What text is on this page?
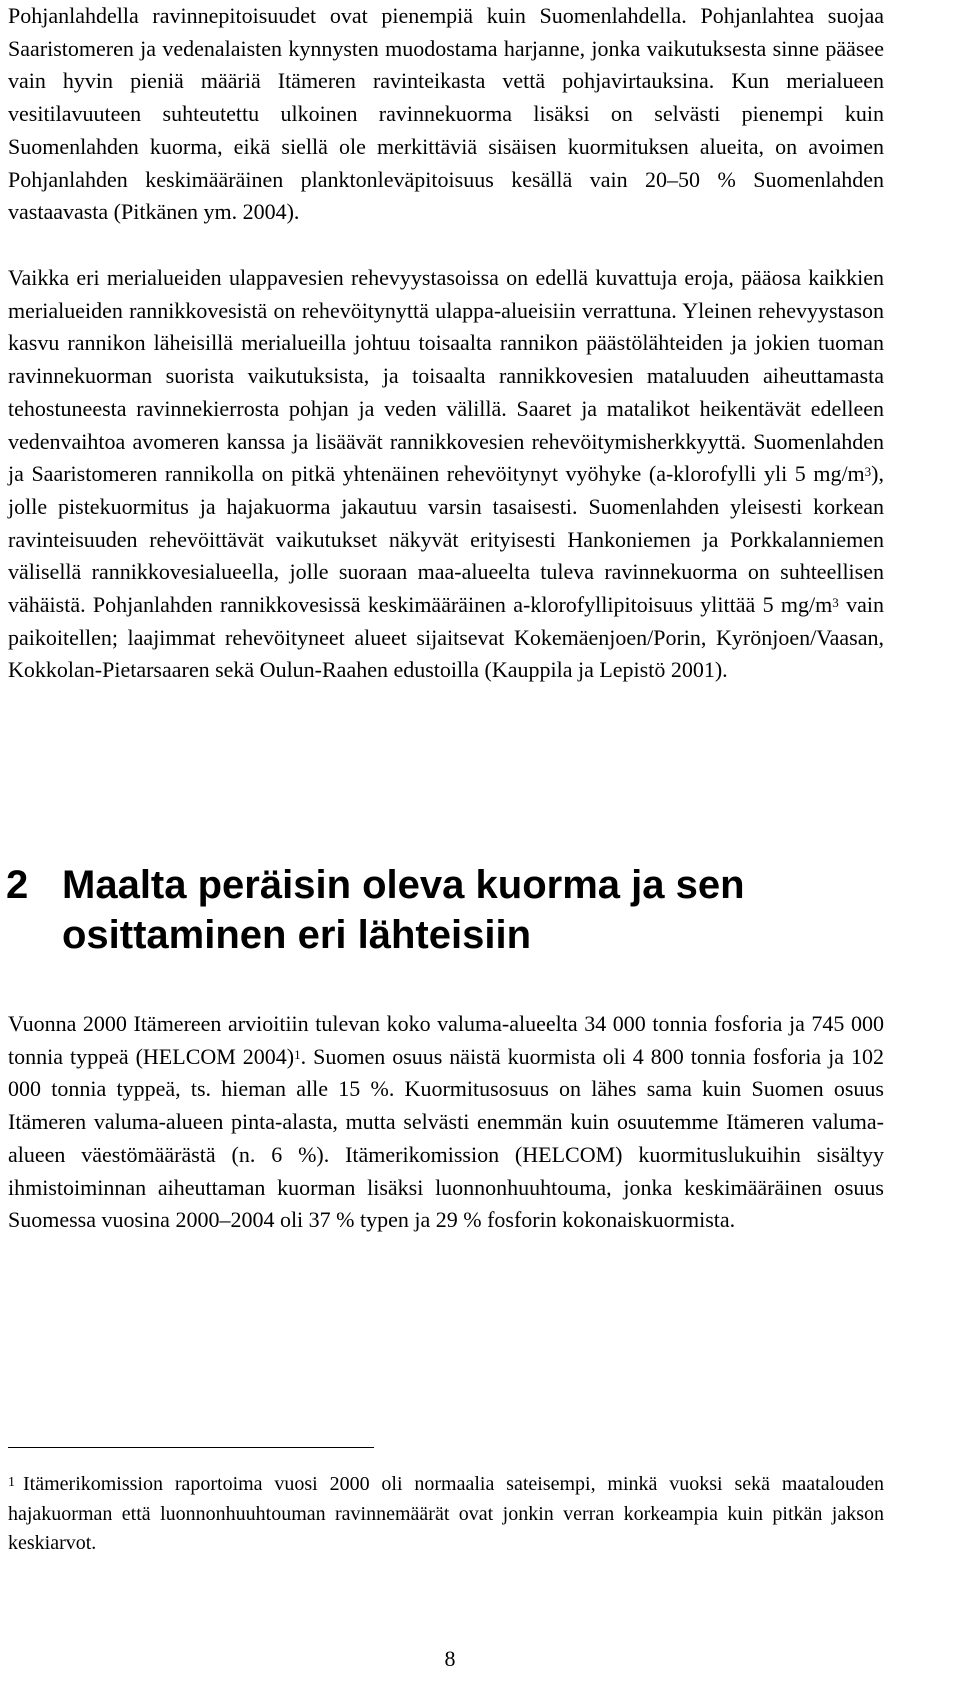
Pohjanlahdella ravinnepitoisuudet ovat pienempiä kuin Suomenlahdella. Pohjanlahtea suojaa Saaristomeren ja vedenalaisten kynnysten muodostama harjanne, jonka vaikutuksesta sinne pääsee vain hyvin pieniä määriä Itämeren ravinteikasta vettä pohjavirtauksina. Kun merialueen vesitilavuuteen suhteutettu ulkoinen ravinnekuorma lisäksi on selvästi pienempi kuin Suomenlahden kuorma, eikä siellä ole merkittäviä sisäisen kuormituksen alueita, on avoimen Pohjanlahden keskimääräinen planktonleväpitoisuus kesällä vain 20–50 % Suomenlahden vastaavasta (Pitkänen ym. 2004).

Vaikka eri merialueiden ulappavesien rehevyystasoissa on edellä kuvattuja eroja, pääosa kaikkien merialueiden rannikkovesistä on rehevöitynyttä ulappa-alueisiin verrattuna. Yleinen rehevyystason kasvu rannikon läheisillä merialueilla johtuu toisaalta rannikon päästölähteiden ja jokien tuoman ravinnekuorman suorista vaikutuksista, ja toisaalta rannikkovesien mataluuden aiheuttamasta tehostuneesta ravinnekierrosta pohjan ja veden välillä. Saaret ja matalikot heikentävät edelleen vedenvaihtoa avomeren kanssa ja lisäävät rannikkovesien rehevöitymisherkkyyttä. Suomenlahden ja Saaristomeren rannikolla on pitkä yhtenäinen rehevöitynyt vyöhyke (a-klorofylli yli 5 $mg/m^3$), jolle pistekuormitus ja hajakuorma jakautuu varsin tasaisesti. Suomenlahden yleisesti korkean ravinteisuuden rehevöittävät vaikutukset näkyvät erityisesti Hankoniemen ja Porkkalanniemen välisellä rannikkovesialueella, jolle suoraan maa-alueelta tuleva ravinnekuorma on suhteellisen vähäistä. Pohjanlahden rannikkovesissä keskimääräinen a-klorofyllipitoisuus ylittää 5 $mg/m^3$ vain paikoitellen; laajimmat rehevöityneet alueet sijaitsevat Kokemäenjoen/Porin, Kyrönjoen/Vaasan, Kokkolan-Pietarsaaren sekä Oulun-Raahen edustoilla (Kauppila ja Lepistö 2001).

2 Maalta peräisin oleva kuorma ja sen osittaminen eri lähteisiin

Vuonna 2000 Itämereen arvioitiin tulevan koko valuma-alueelta 34 000 tonnia fosforia ja 745 000 tonnia typpeä (HELCOM 2004)$^1$. Suomen osuus näistä kuormista oli 4 800 tonnia fosforia ja 102 000 tonnia typpeä, ts. hieman alle 15 %. Kuormitusosuus on lähes sama kuin Suomen osuus Itämeren valuma-alueen pinta-alasta, mutta selvästi enemmän kuin osuutemme Itämeren valuma-alueen väestömäärästä (n. 6 %). Itämerikomission (HELCOM) kuormituslukuihin sisältyy ihmistoiminnan aiheuttaman kuorman lisäksi luonnonhuuhtouma, jonka keskimääräinen osuus Suomessa vuosina 2000–2004 oli 37 % typen ja 29 % fosforin kokonaiskuormista.

$^1$ Itämerikomission raportoima vuosi 2000 oli normaalia sateisempi, minkä vuoksi sekä maatalouden hajakuorman että luonnonhuuhtouman ravinnemäärät ovat jonkin verran korkeampia kuin pitkän jakson keskiarvot.

8
